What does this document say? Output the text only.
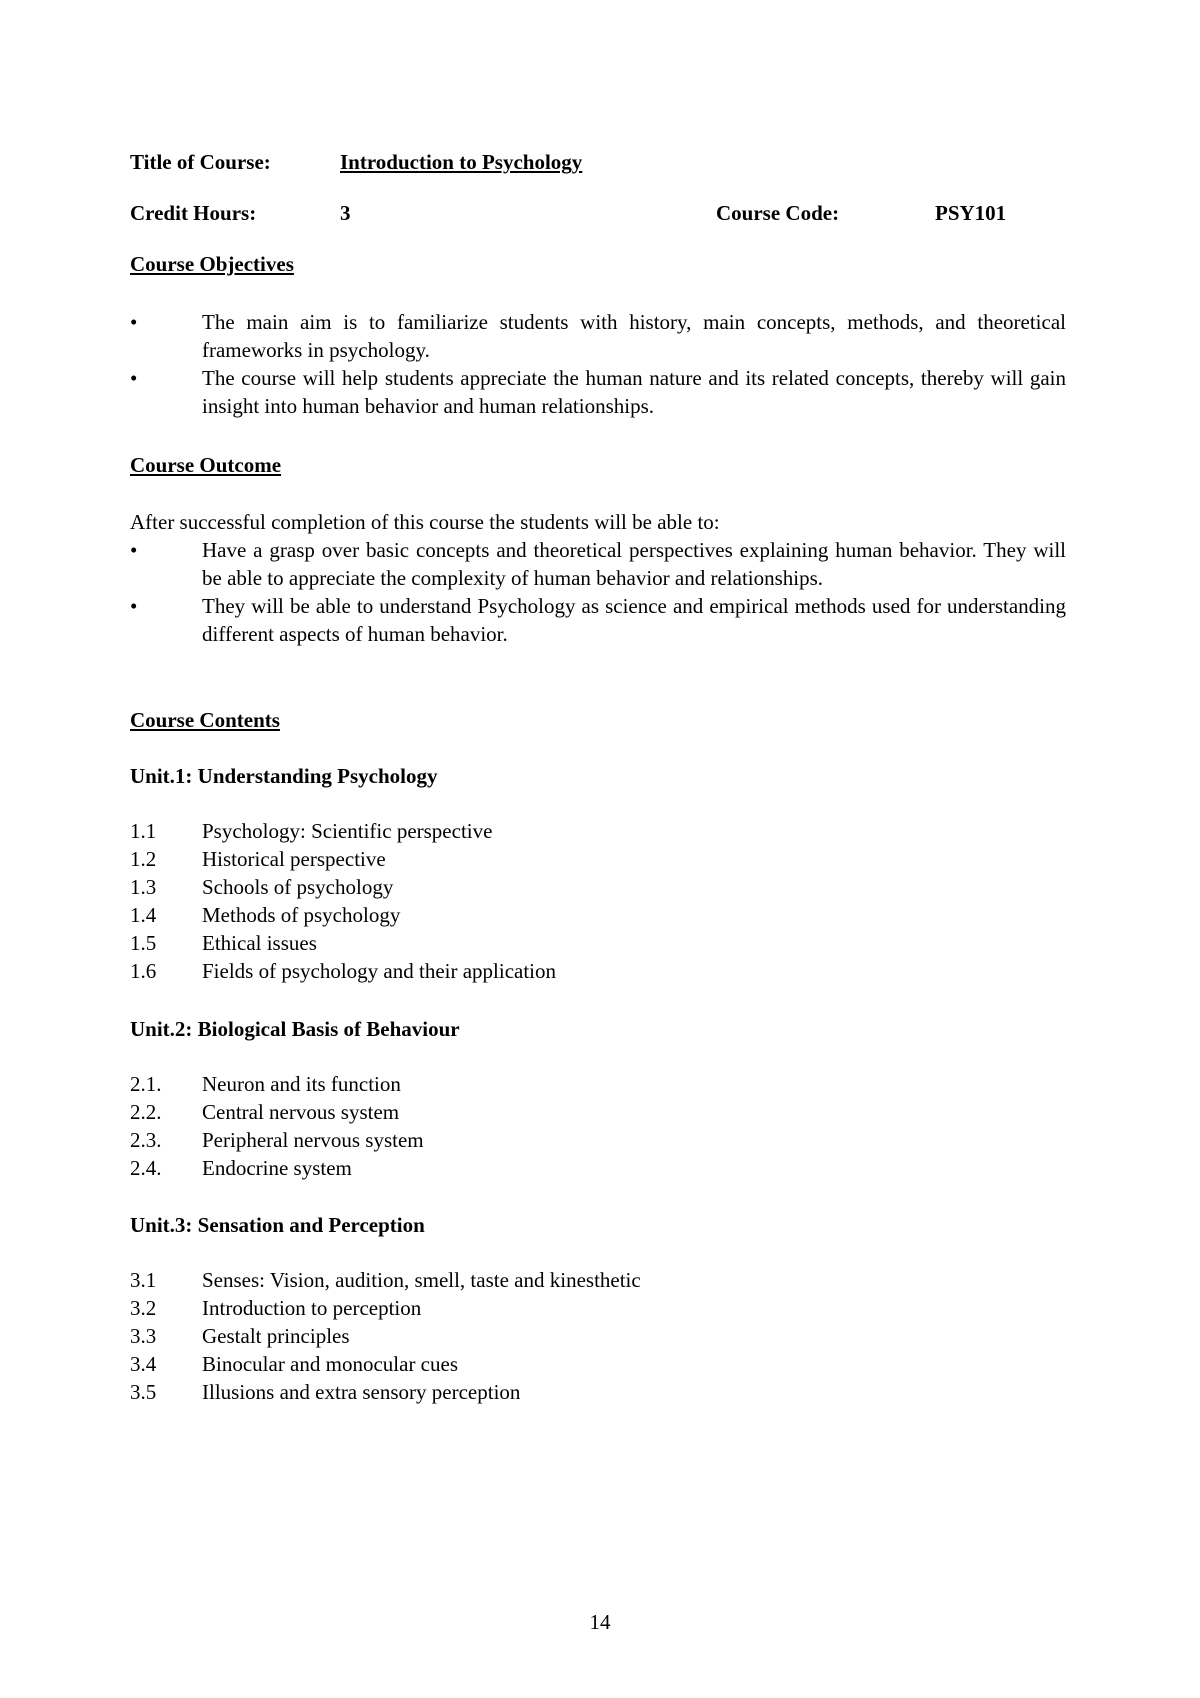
Title of Course:	Introduction to Psychology
Credit Hours:	3	Course Code:	PSY101
Course Objectives
•	The main aim is to familiarize students with history, main concepts, methods, and theoretical frameworks in psychology.
•	The course will help students appreciate the human nature and its related concepts, thereby will gain insight into human behavior and human relationships.
Course Outcome
After successful completion of this course the students will be able to:
•	Have a grasp over basic concepts and theoretical perspectives explaining human behavior. They will be able to appreciate the complexity of human behavior and relationships.
•	They will be able to understand Psychology as science and empirical methods used for understanding different aspects of human behavior.
Course Contents
Unit.1: Understanding Psychology
1.1	Psychology: Scientific perspective
1.2	Historical perspective
1.3	Schools of psychology
1.4	Methods of psychology
1.5	Ethical issues
1.6	Fields of psychology and their application
Unit.2: Biological Basis of Behaviour
2.1.	Neuron and its function
2.2.	Central nervous system
2.3.	Peripheral nervous system
2.4.	Endocrine system
Unit.3: Sensation and Perception
3.1	Senses: Vision, audition, smell, taste and kinesthetic
3.2	Introduction to perception
3.3	Gestalt principles
3.4	Binocular and monocular cues
3.5	Illusions and extra sensory perception
14
